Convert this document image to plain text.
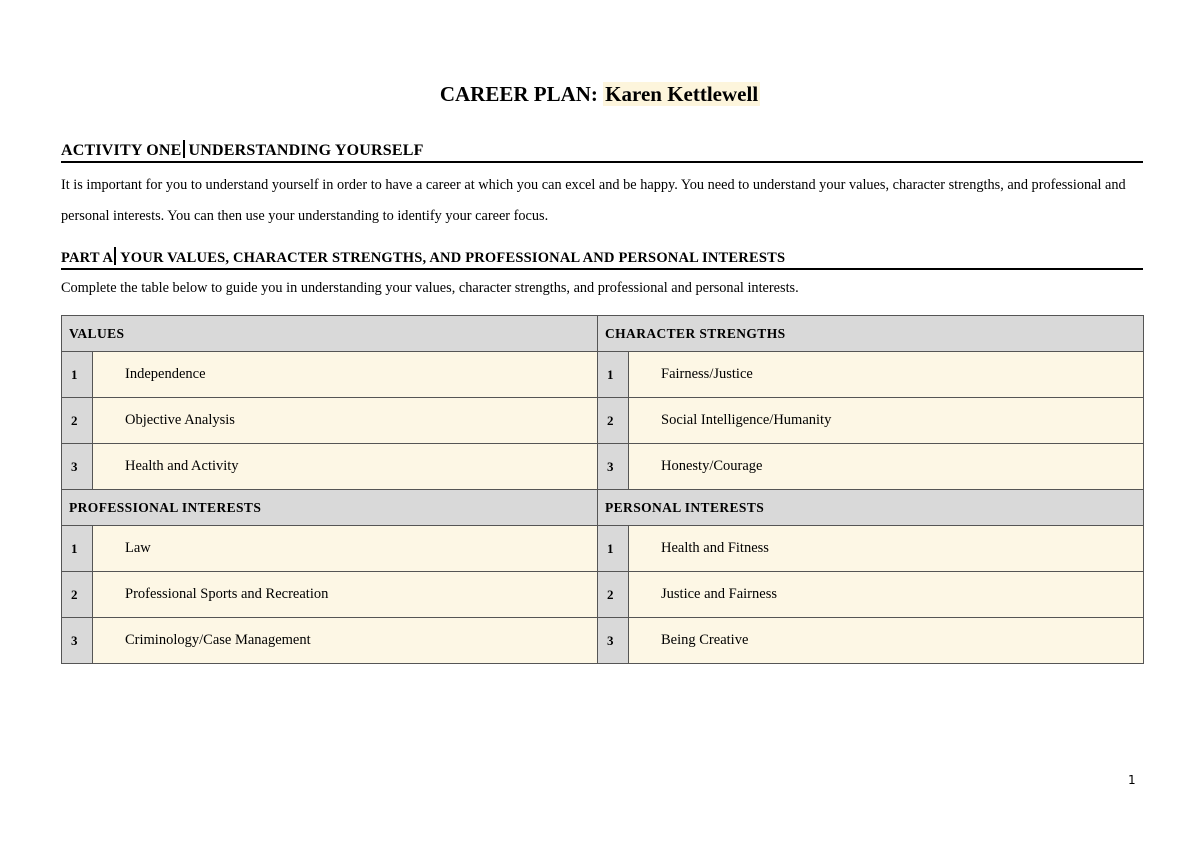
CAREER PLAN: Karen Kettlewell
ACTIVITY ONE UNDERSTANDING YOURSELF

It is important for you to understand yourself in order to have a career at which you can excel and be happy. You need to understand your values, character strengths, and professional and personal interests. You can then use your understanding to identify your career focus.

PART A YOUR VALUES, CHARACTER STRENGTHS, AND PROFESSIONAL AND PERSONAL INTERESTS

Complete the table below to guide you in understanding your values, character strengths, and professional and personal interests.

VALUES		CHARACTER STRENGTHS	
1	Independence	1	Fairness/Justice
2	Objective Analysis	2	Social Intelligence/Humanity
3	Health and Activity	3	Honesty/Courage
PROFESSIONAL INTERESTS		PERSONAL INTERESTS	
1	Law	1	Health and Fitness
2	Professional Sports and Recreation	2	Justice and Fairness
3	Criminology/Case Management	3	Being Creative
1
